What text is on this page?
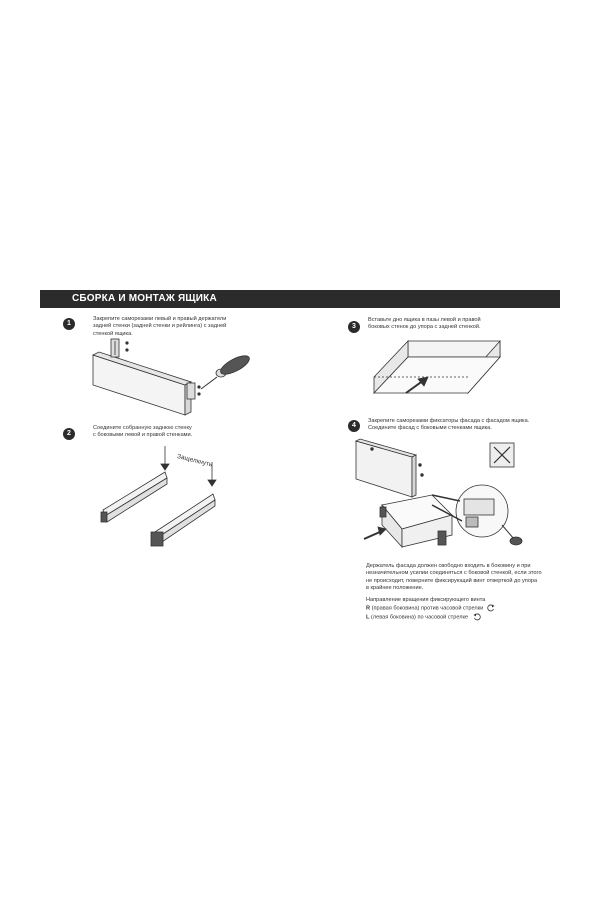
СБОРКА И МОНТАЖ ЯЩИКА
1
Закрепите саморезами левый и правый держатели
задней стенки (задней стенки и рейлинга) с задней
стенкой ящика.
2
Соедините собранную заднюю стенку
с боковыми левой и правой стенками.
Защелкнуть
3
Вставьте дно ящика в пазы левой и правой
боковых стенок до упора с задней стенкой.
4
Закрепите саморезами фиксаторы фасада с фасадом ящика.
Соедините фасад с боковыми стенками ящика.
Держатель фасада должен свободно входить в боковину и при
незначительном усилии соединяться с боковой стенкой, если этого
не происходит, поверните фиксирующий винт отверткой до упора
в крайнее положение.
Направление вращения фиксирующего винта
R (правая боковина) против часовой стрелки
L (левая боковина) по часовой стрелке
